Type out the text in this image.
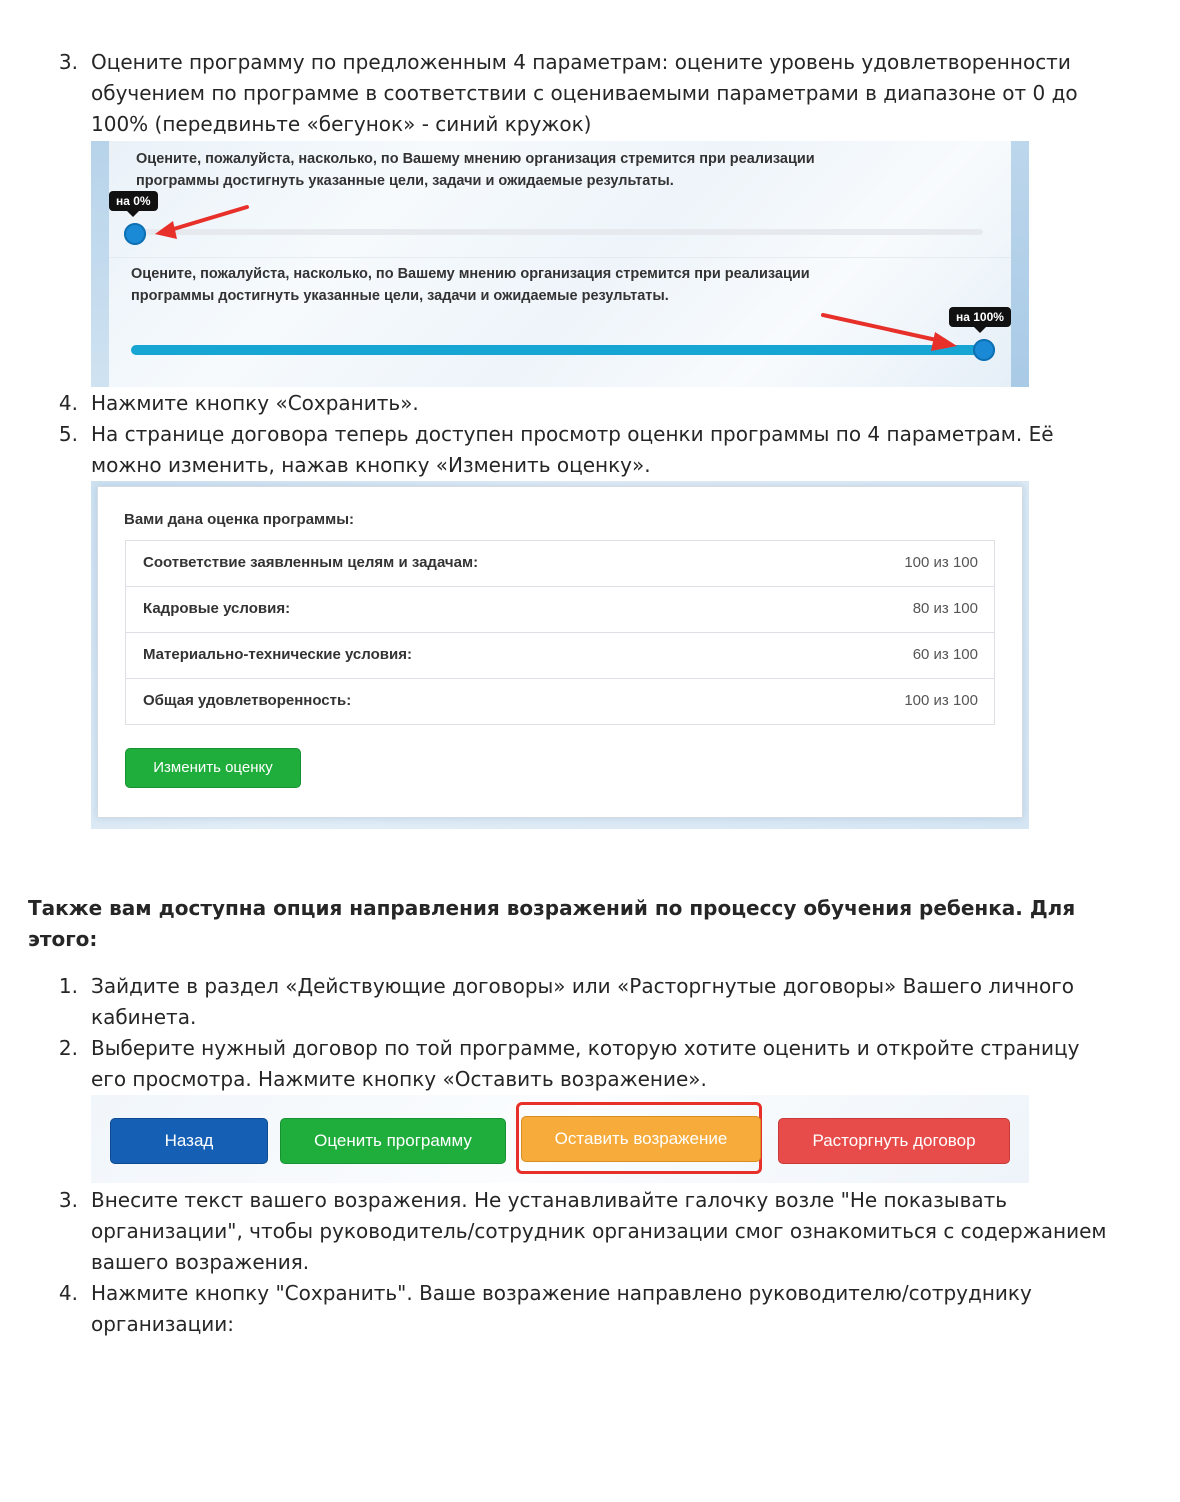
3. Оцените программу по предложенным 4 параметрам: оцените уровень удовлетворенности
обучением по программе в соответствии с оцениваемыми параметрами в диапазоне от 0 до
100% (передвиньте «бегунок» - синий кружок)
Оцените, пожалуйста, насколько, по Вашему мнению организация стремится при реализации
программы достигнуть указанные цели, задачи и ожидаемые результаты.
на 0%
Оцените, пожалуйста, насколько, по Вашему мнению организация стремится при реализации
программы достигнуть указанные цели, задачи и ожидаемые результаты.
на 100%
4. Нажмите кнопку «Сохранить».
5. На странице договора теперь доступен просмотр оценки программы по 4 параметрам. Её
можно изменить, нажав кнопку «Изменить оценку».
Вами дана оценка программы:
Соответствие заявленным целям и задачам:	100 из 100
Кадровые условия:	80 из 100
Материально-технические условия:	60 из 100
Общая удовлетворенность:	100 из 100
Изменить оценку
Также вам доступна опция направления возражений по процессу обучения ребенка. Для
этого:
1. Зайдите в раздел «Действующие договоры» или «Расторгнутые договоры» Вашего личного
кабинета.
2. Выберите нужный договор по той программе, которую хотите оценить и откройте страницу
его просмотра. Нажмите кнопку «Оставить возражение».
Назад	Оценить программу	Оставить возражение	Расторгнуть договор
3. Внесите текст вашего возражения. Не устанавливайте галочку возле "Не показывать
организации", чтобы руководитель/сотрудник организации смог ознакомиться с содержанием
вашего возражения.
4. Нажмите кнопку "Сохранить". Ваше возражение направлено руководителю/сотруднику
организации:
